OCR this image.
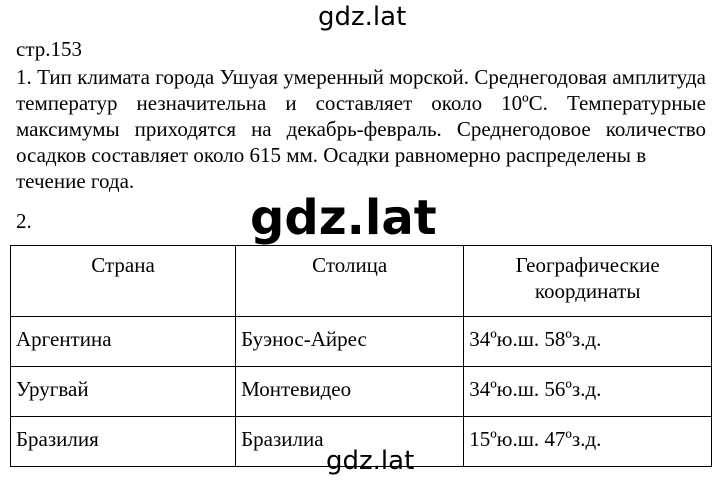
gdz.lat
стр.153

1. Тип климата города Ушуая умеренный морской. Среднегодовая амплитуда температур незначительна и составляет около 10ºС. Температурные максимумы приходятся на декабрь-февраль. Среднегодовое количество осадков составляет около 615 мм. Осадки равномерно распределены в
течение года.

2.	gdz.lat
Страна	Столица	Географические координаты
Аргентина	Буэнос-Айрес	34ºю.ш. 58ºз.д.
Уругвай	Монтевидео	34ºю.ш. 56ºз.д.
Бразилия	Бразилиа	15ºю.ш. 47ºз.д.
gdz.lat
